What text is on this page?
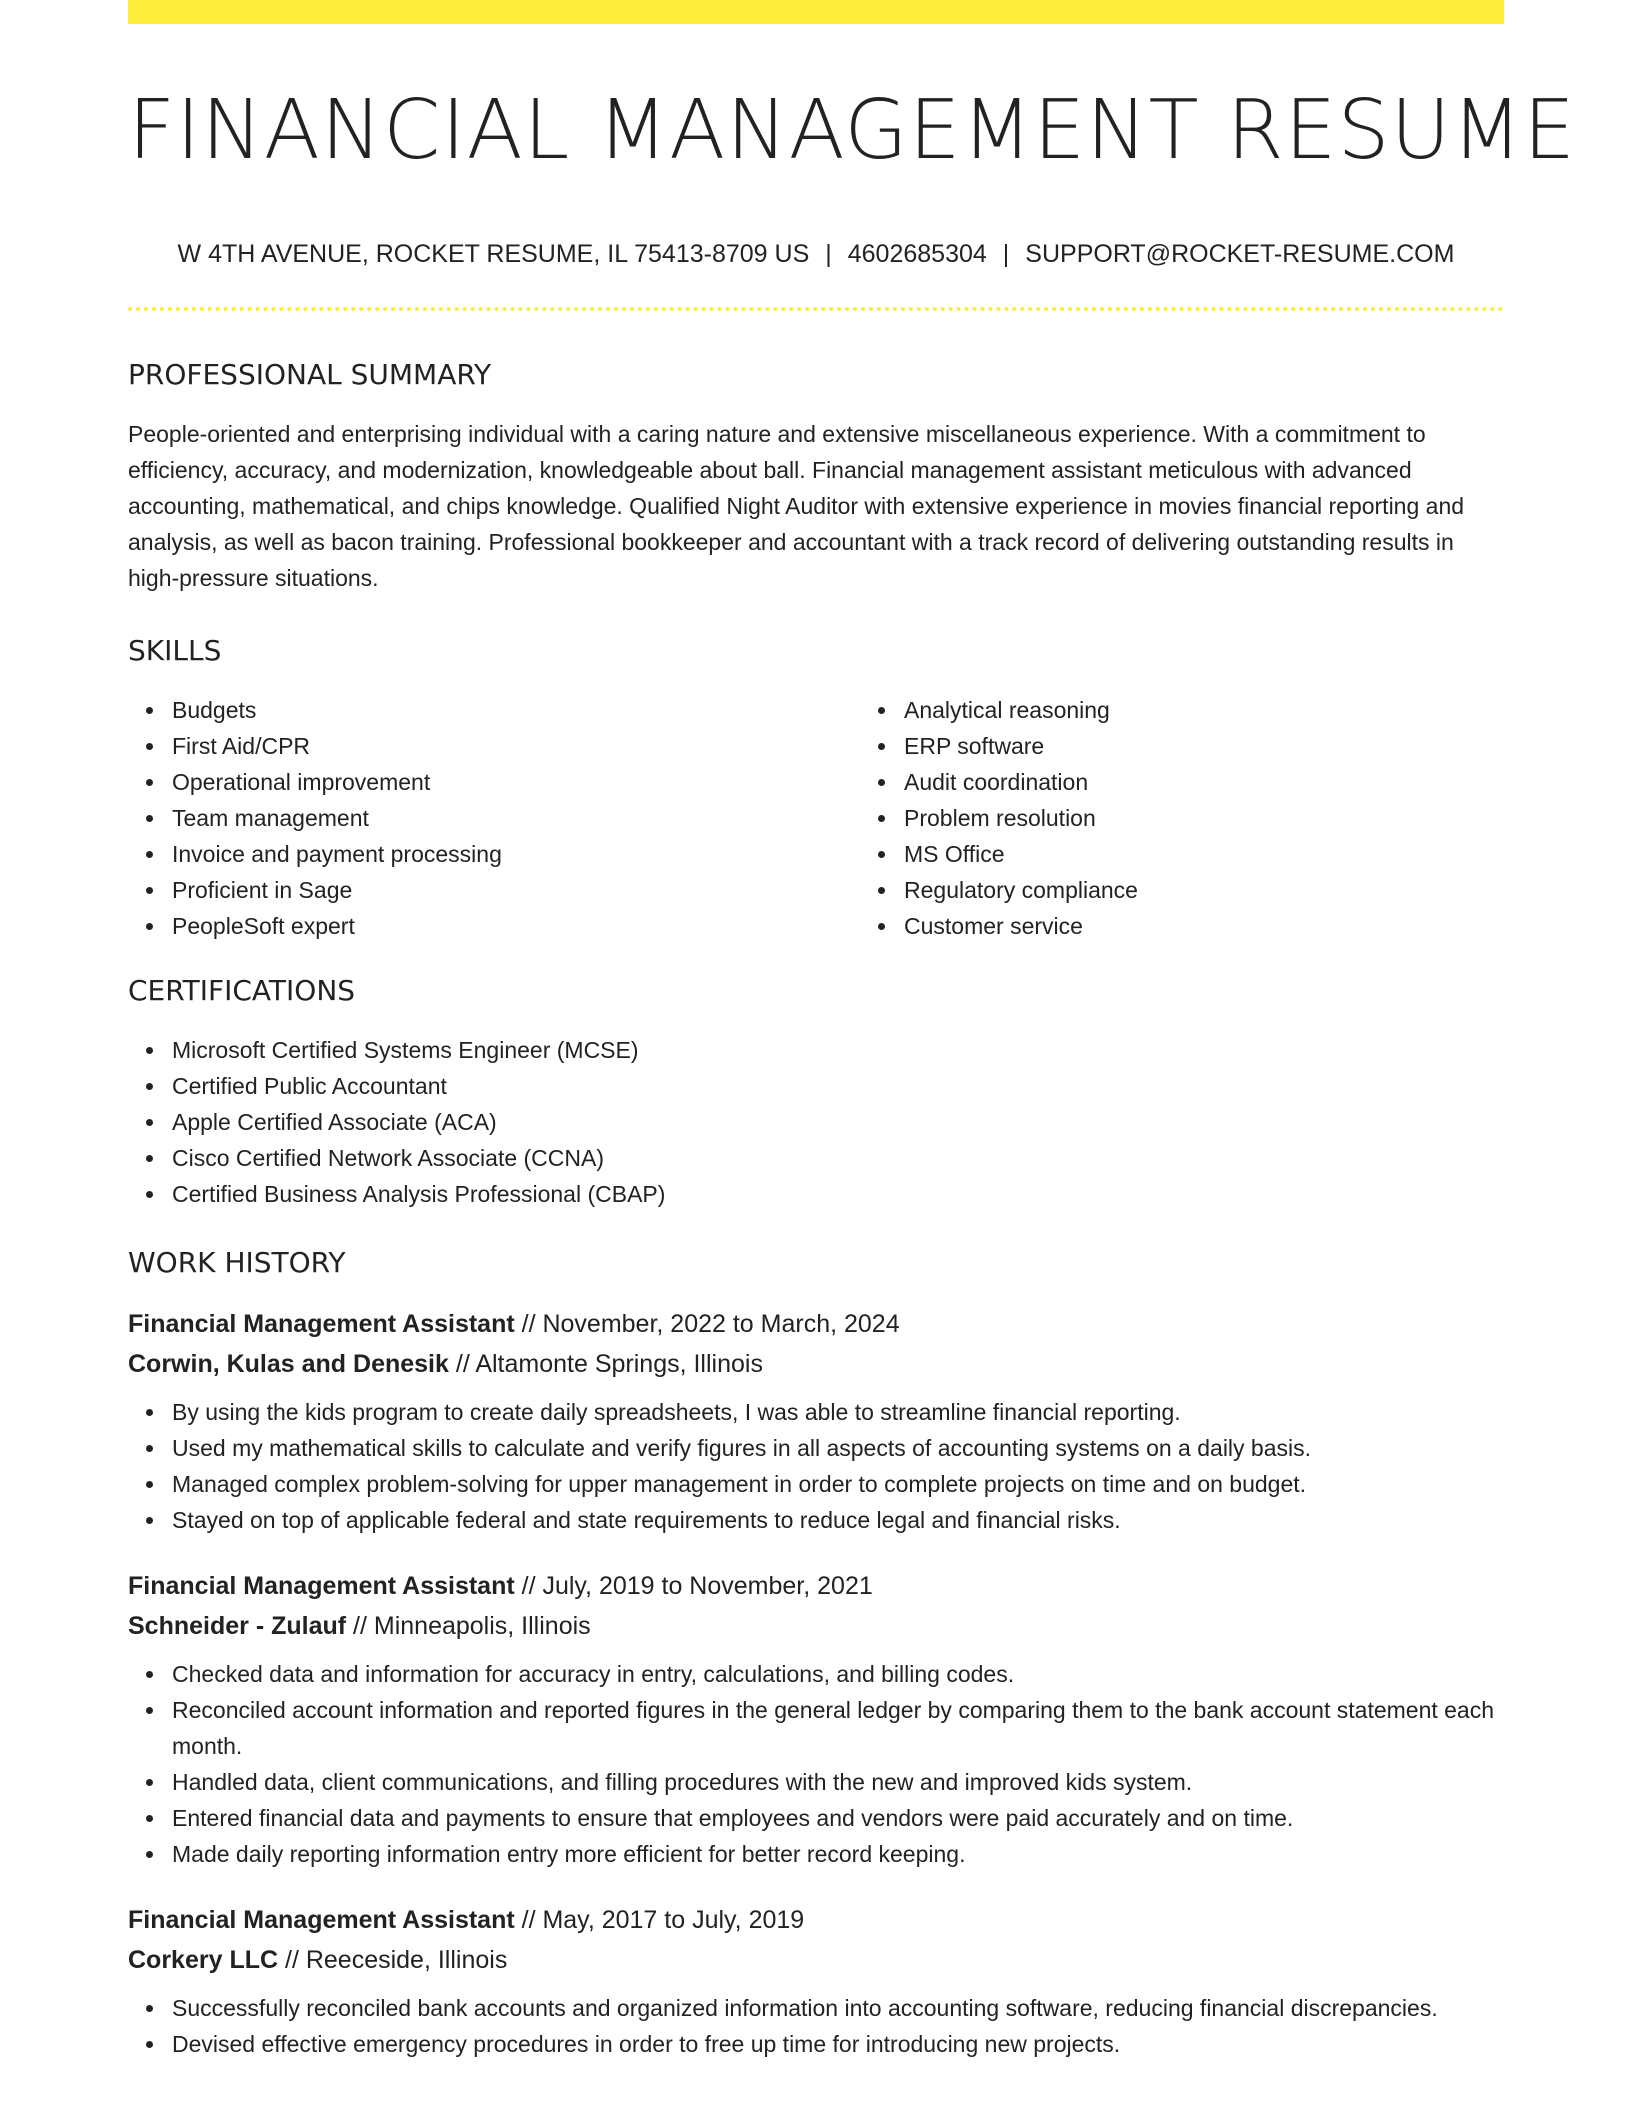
FINANCIAL MANAGEMENT RESUME
W 4TH AVENUE, ROCKET RESUME, IL 75413-8709 US | 4602685304 | SUPPORT@ROCKET-RESUME.COM
PROFESSIONAL SUMMARY

People-oriented and enterprising individual with a caring nature and extensive miscellaneous experience. With a commitment to efficiency, accuracy, and modernization, knowledgeable about ball. Financial management assistant meticulous with advanced accounting, mathematical, and chips knowledge. Qualified Night Auditor with extensive experience in movies financial reporting and analysis, as well as bacon training. Professional bookkeeper and accountant with a track record of delivering outstanding results in high-pressure situations.

SKILLS
Budgets
First Aid/CPR
Operational improvement
Team management
Invoice and payment processing
Proficient in Sage
PeopleSoft expert
Analytical reasoning
ERP software
Audit coordination
Problem resolution
MS Office
Regulatory compliance
Customer service
CERTIFICATIONS
Microsoft Certified Systems Engineer (MCSE)
Certified Public Accountant
Apple Certified Associate (ACA)
Cisco Certified Network Associate (CCNA)
Certified Business Analysis Professional (CBAP)
WORK HISTORY
Financial Management Assistant // November, 2022 to March, 2024
Corwin, Kulas and Denesik // Altamonte Springs, Illinois
By using the kids program to create daily spreadsheets, I was able to streamline financial reporting.
Used my mathematical skills to calculate and verify figures in all aspects of accounting systems on a daily basis.
Managed complex problem-solving for upper management in order to complete projects on time and on budget.
Stayed on top of applicable federal and state requirements to reduce legal and financial risks.
Financial Management Assistant // July, 2019 to November, 2021
Schneider - Zulauf // Minneapolis, Illinois
Checked data and information for accuracy in entry, calculations, and billing codes.
Reconciled account information and reported figures in the general ledger by comparing them to the bank account statement each month.
Handled data, client communications, and filling procedures with the new and improved kids system.
Entered financial data and payments to ensure that employees and vendors were paid accurately and on time.
Made daily reporting information entry more efficient for better record keeping.
Financial Management Assistant // May, 2017 to July, 2019
Corkery LLC // Reeceside, Illinois
Successfully reconciled bank accounts and organized information into accounting software, reducing financial discrepancies.
Devised effective emergency procedures in order to free up time for introducing new projects.
